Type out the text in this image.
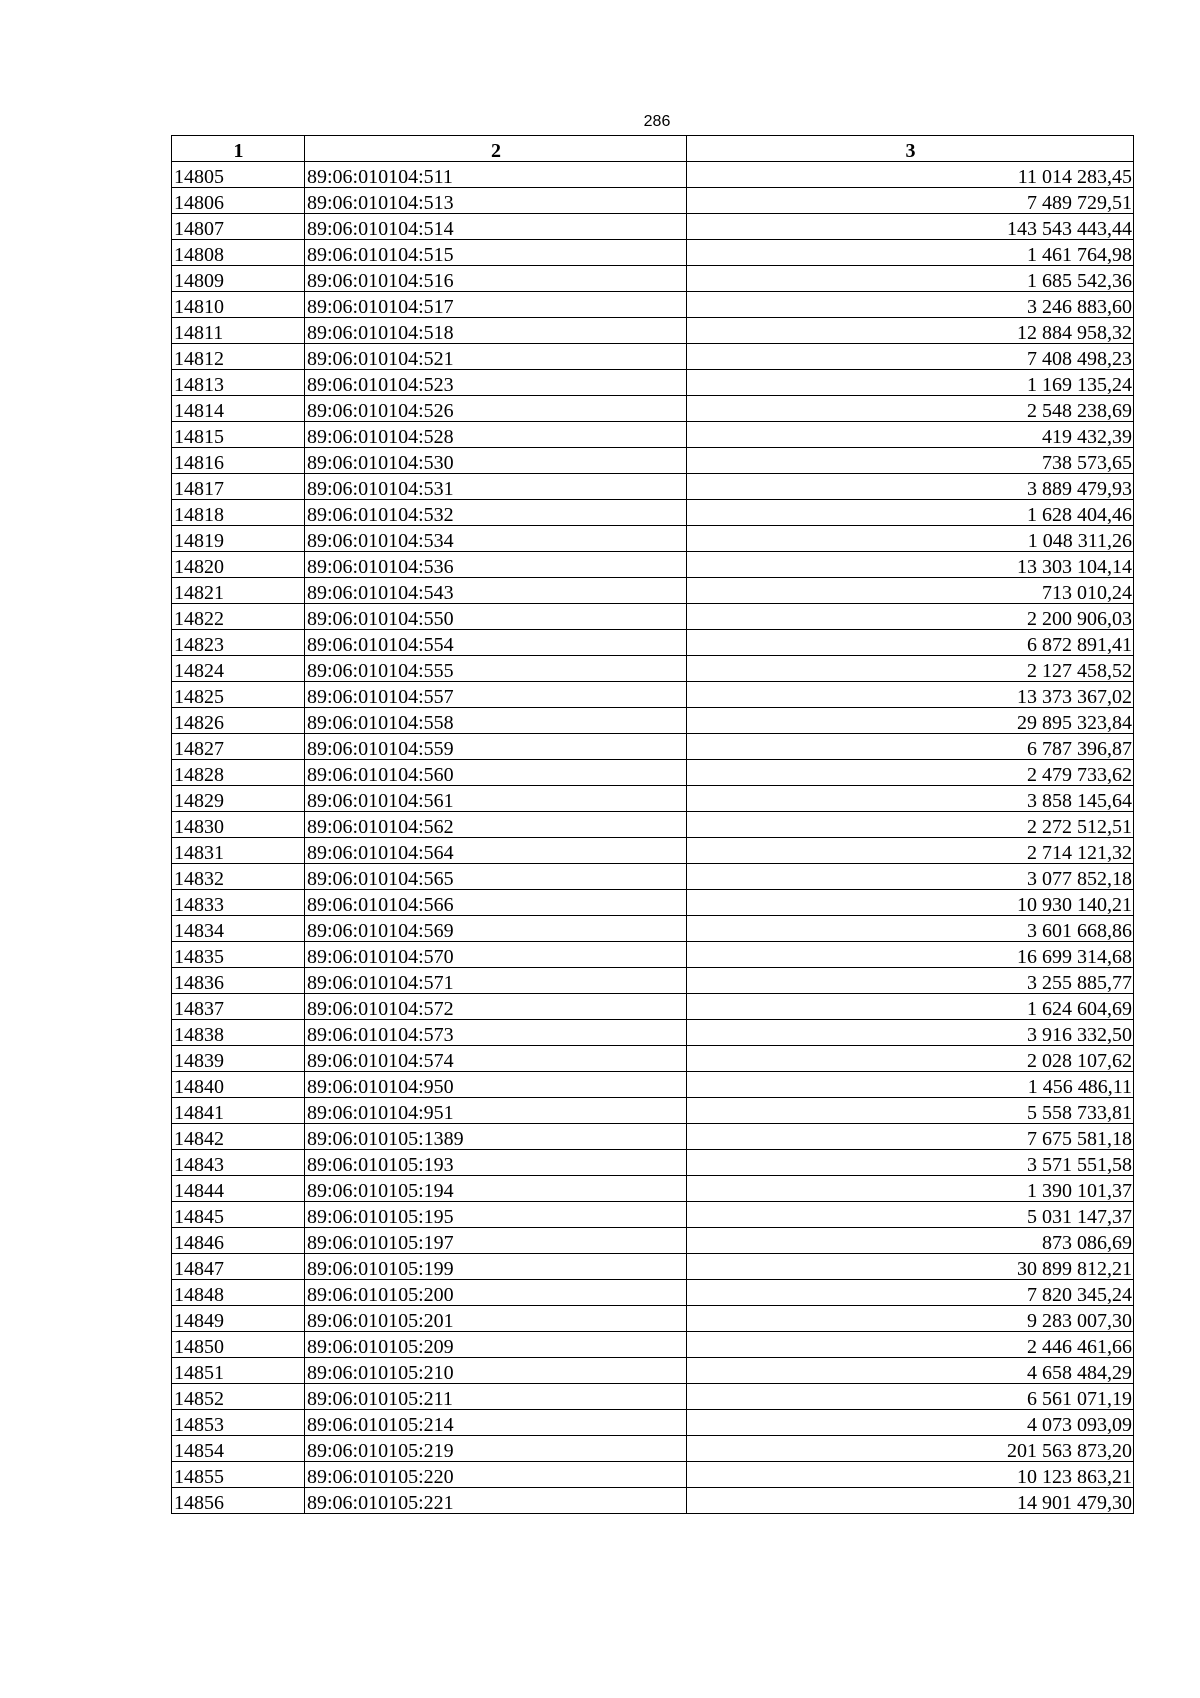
286
1	2	3
14805	89:06:010104:511	11 014 283,45
14806	89:06:010104:513	7 489 729,51
14807	89:06:010104:514	143 543 443,44
14808	89:06:010104:515	1 461 764,98
14809	89:06:010104:516	1 685 542,36
14810	89:06:010104:517	3 246 883,60
14811	89:06:010104:518	12 884 958,32
14812	89:06:010104:521	7 408 498,23
14813	89:06:010104:523	1 169 135,24
14814	89:06:010104:526	2 548 238,69
14815	89:06:010104:528	419 432,39
14816	89:06:010104:530	738 573,65
14817	89:06:010104:531	3 889 479,93
14818	89:06:010104:532	1 628 404,46
14819	89:06:010104:534	1 048 311,26
14820	89:06:010104:536	13 303 104,14
14821	89:06:010104:543	713 010,24
14822	89:06:010104:550	2 200 906,03
14823	89:06:010104:554	6 872 891,41
14824	89:06:010104:555	2 127 458,52
14825	89:06:010104:557	13 373 367,02
14826	89:06:010104:558	29 895 323,84
14827	89:06:010104:559	6 787 396,87
14828	89:06:010104:560	2 479 733,62
14829	89:06:010104:561	3 858 145,64
14830	89:06:010104:562	2 272 512,51
14831	89:06:010104:564	2 714 121,32
14832	89:06:010104:565	3 077 852,18
14833	89:06:010104:566	10 930 140,21
14834	89:06:010104:569	3 601 668,86
14835	89:06:010104:570	16 699 314,68
14836	89:06:010104:571	3 255 885,77
14837	89:06:010104:572	1 624 604,69
14838	89:06:010104:573	3 916 332,50
14839	89:06:010104:574	2 028 107,62
14840	89:06:010104:950	1 456 486,11
14841	89:06:010104:951	5 558 733,81
14842	89:06:010105:1389	7 675 581,18
14843	89:06:010105:193	3 571 551,58
14844	89:06:010105:194	1 390 101,37
14845	89:06:010105:195	5 031 147,37
14846	89:06:010105:197	873 086,69
14847	89:06:010105:199	30 899 812,21
14848	89:06:010105:200	7 820 345,24
14849	89:06:010105:201	9 283 007,30
14850	89:06:010105:209	2 446 461,66
14851	89:06:010105:210	4 658 484,29
14852	89:06:010105:211	6 561 071,19
14853	89:06:010105:214	4 073 093,09
14854	89:06:010105:219	201 563 873,20
14855	89:06:010105:220	10 123 863,21
14856	89:06:010105:221	14 901 479,30
